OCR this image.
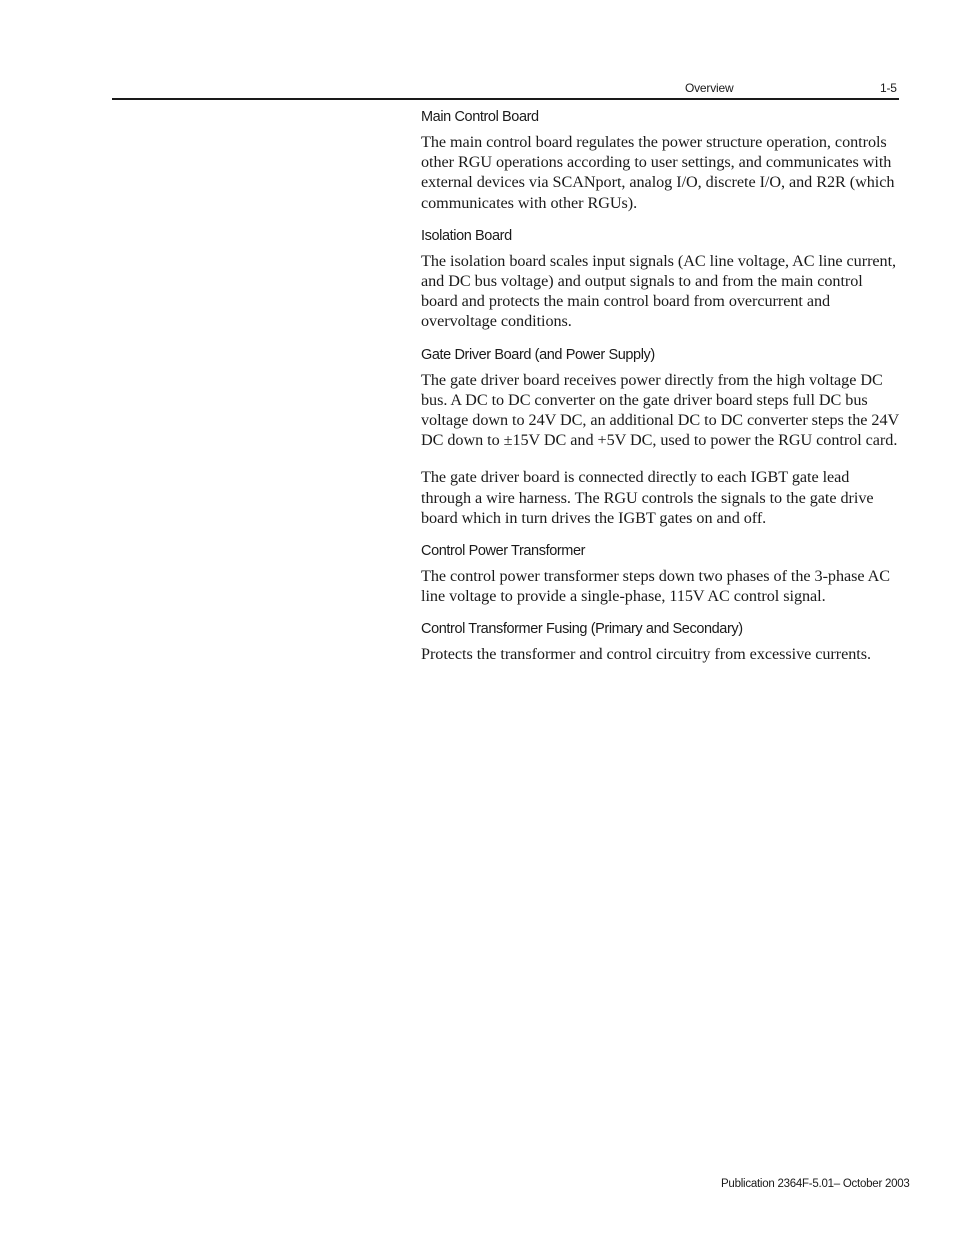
Overview	1-5
Main Control Board

The main control board regulates the power structure operation, controls other RGU operations according to user settings, and communicates with external devices via SCANport, analog I/O, discrete I/O, and R2R (which communicates with other RGUs).

Isolation Board

The isolation board scales input signals (AC line voltage, AC line current, and DC bus voltage) and output signals to and from the main control board and protects the main control board from overcurrent and overvoltage conditions.

Gate Driver Board (and Power Supply)

The gate driver board receives power directly from the high voltage DC bus. A DC to DC converter on the gate driver board steps full DC bus voltage down to 24V DC, an additional DC to DC converter steps the 24V DC down to ±15V DC and +5V DC, used to power the RGU control card.

The gate driver board is connected directly to each IGBT gate lead through a wire harness. The RGU controls the signals to the gate drive board which in turn drives the IGBT gates on and off.

Control Power Transformer

The control power transformer steps down two phases of the 3-phase AC line voltage to provide a single-phase, 115V AC control signal.

Control Transformer Fusing (Primary and Secondary)

Protects the transformer and control circuitry from excessive currents.

Publication 2364F-5.01– October 2003
